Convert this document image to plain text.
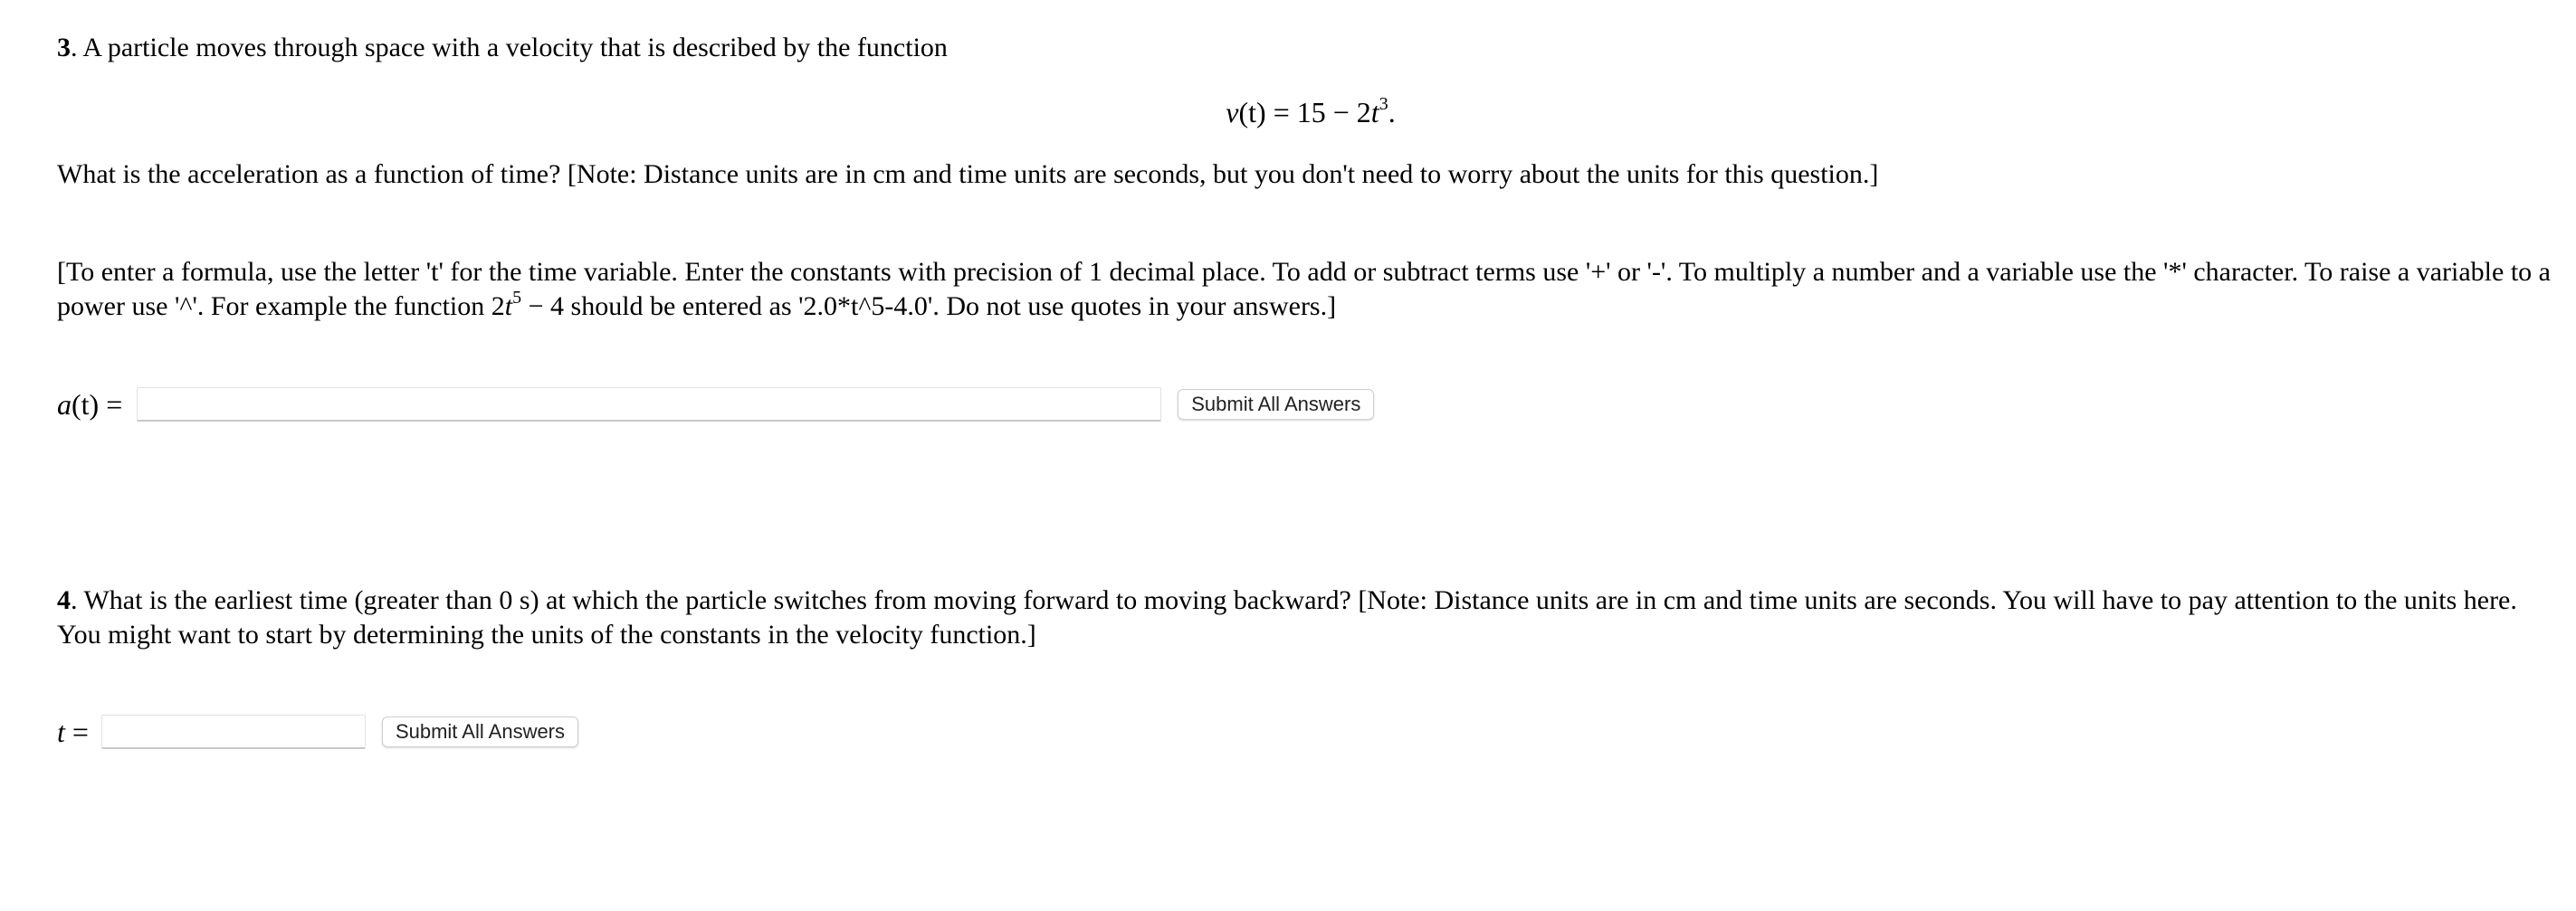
3. A particle moves through space with a velocity that is described by the function

$v(t) = 15 - 2t^3$.

What is the acceleration as a function of time? [Note: Distance units are in cm and time units are seconds, but you don't need to worry about the units for this question.]

[To enter a formula, use the letter 't' for the time variable. Enter the constants with precision of 1 decimal place. To add or subtract terms use '+' or '-'. To multiply a number and a variable use the '*' character. To raise a variable to a power use '^'. For example the function $2t^5 - 4$ should be entered as '2.0*t^5-4.0'. Do not use quotes in your answers.]

a(t) =	Submit All Answers

4. What is the earliest time (greater than 0 s) at which the particle switches from moving forward to moving backward? [Note: Distance units are in cm and time units are seconds. You will have to pay attention to the units here. You might want to start by determining the units of the constants in the velocity function.]

t =	Submit All Answers
